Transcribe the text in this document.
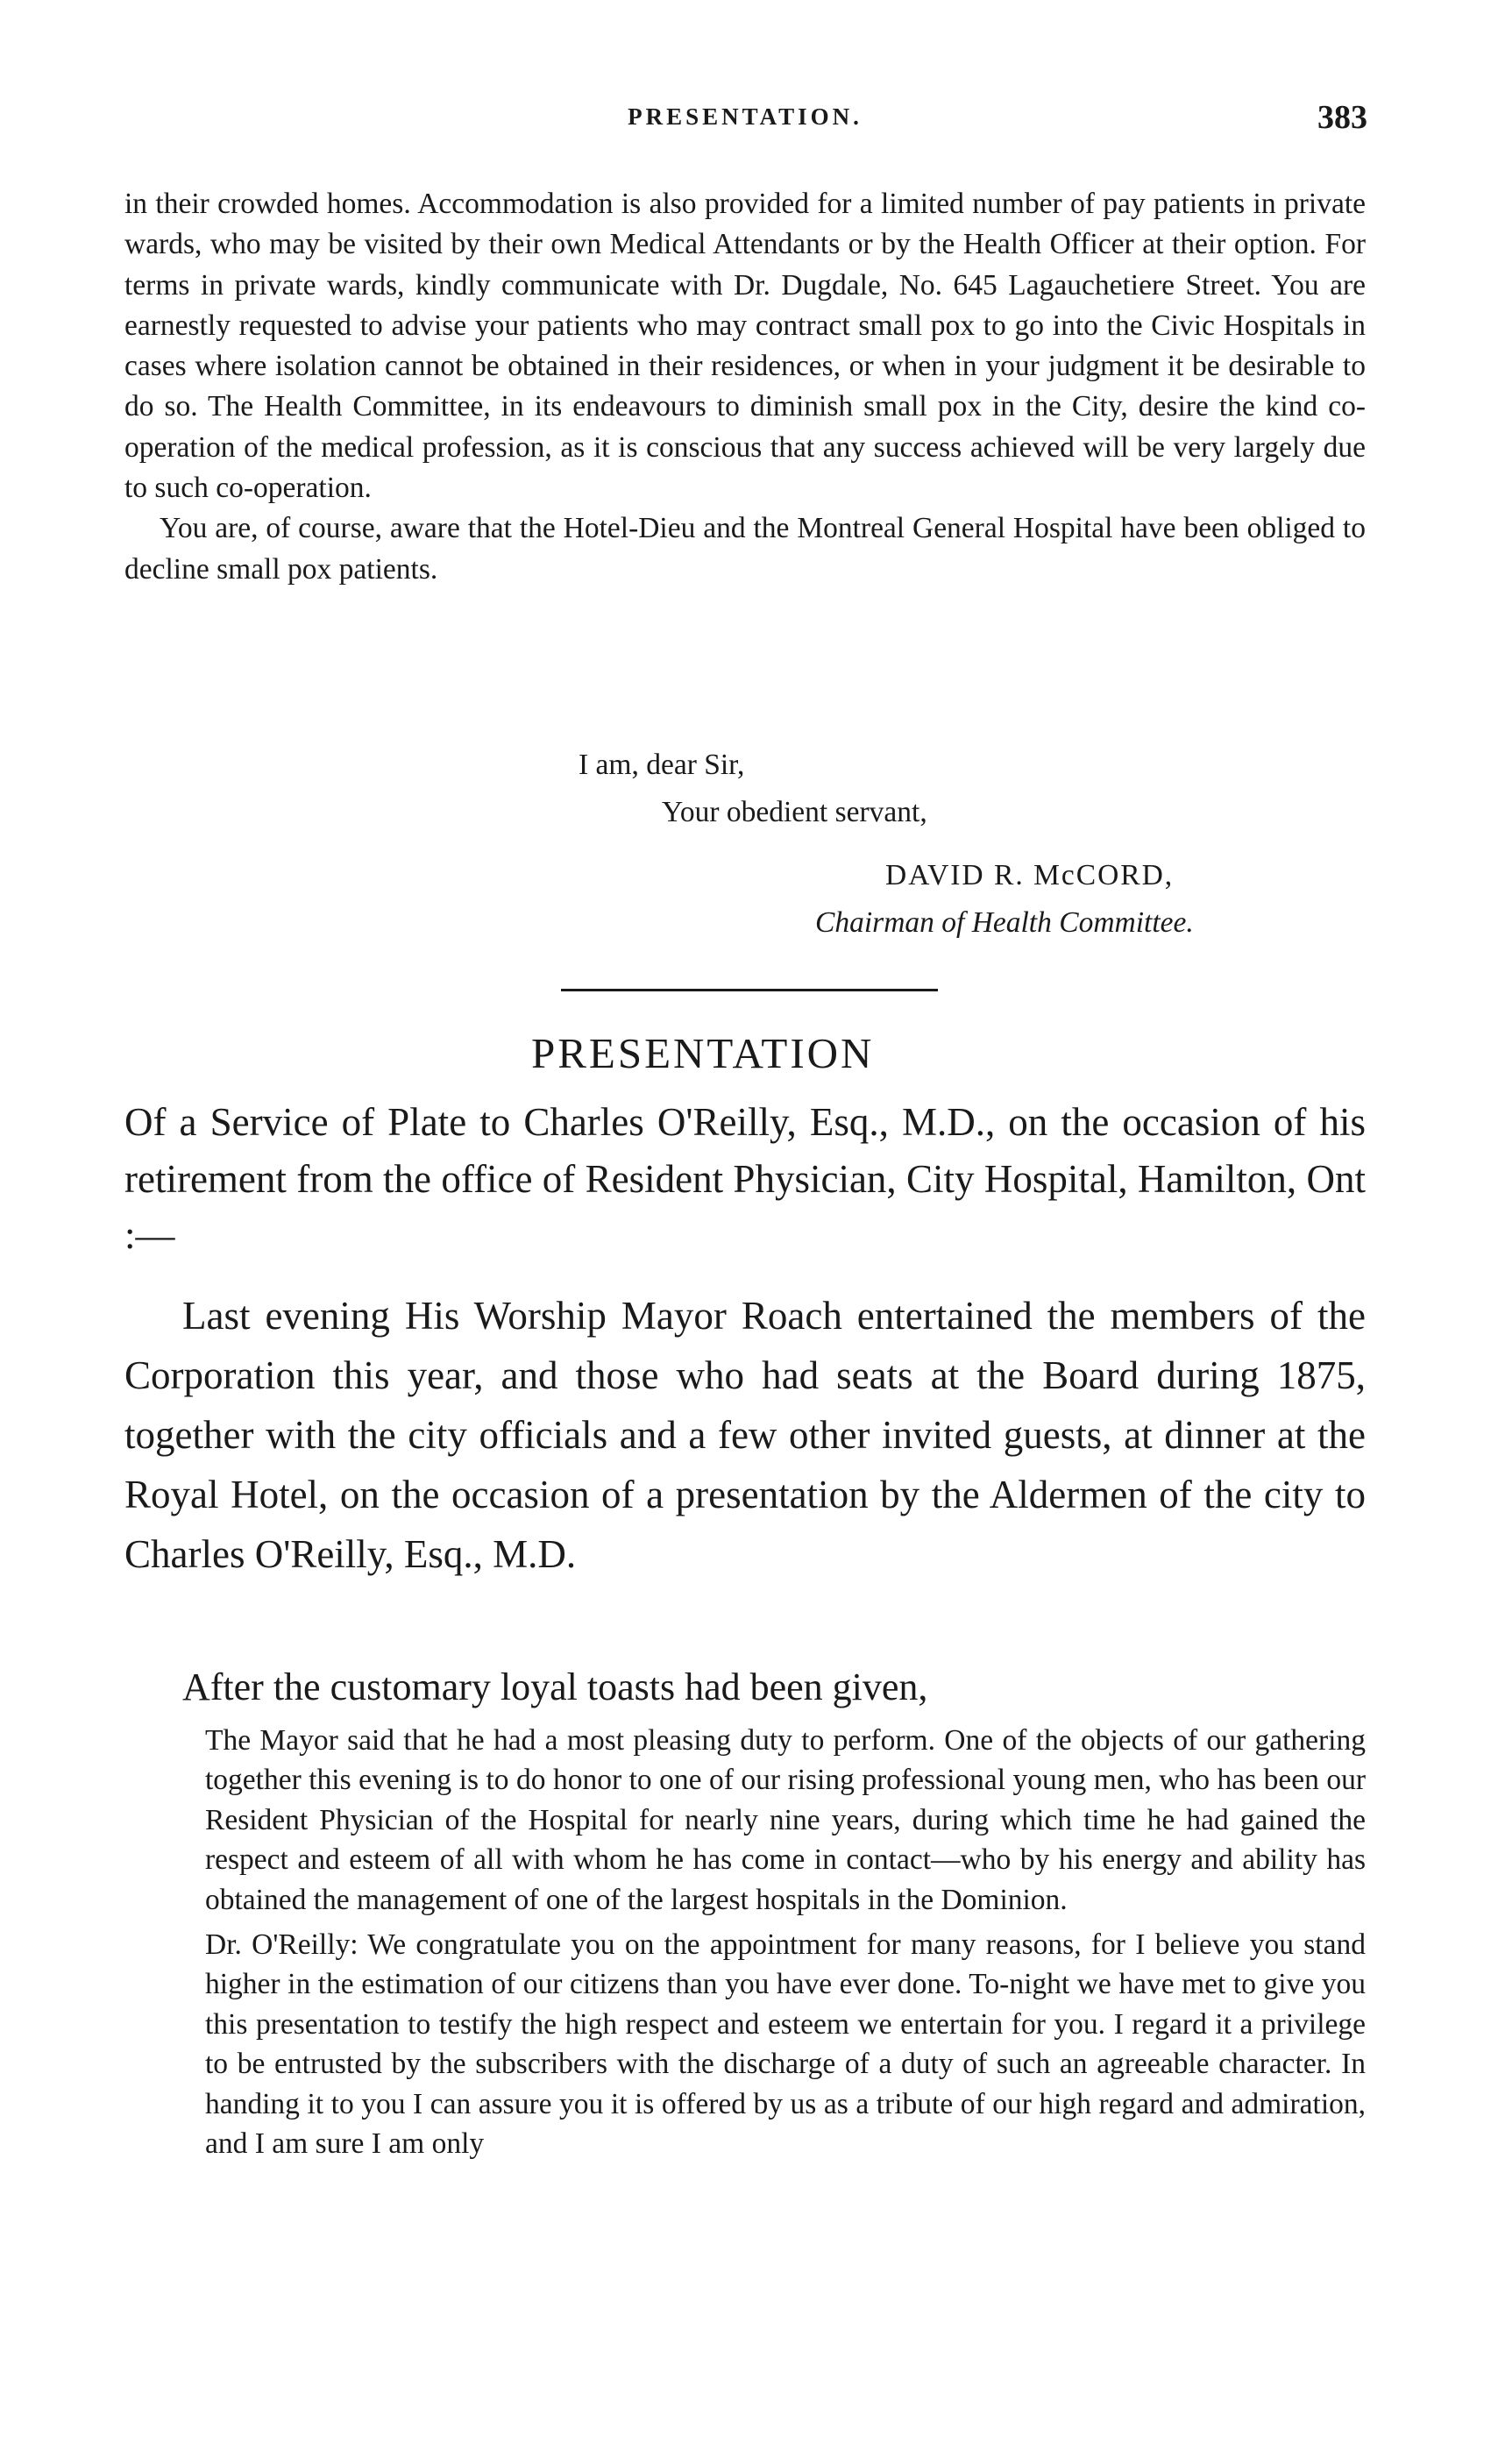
PRESENTATION.	383

in their crowded homes. Accommodation is also provided for a limited number of pay patients in private wards, who may be visited by their own Medical Attendants or by the Health Officer at their option. For terms in private wards, kindly communicate with Dr. Dugdale, No. 645 Lagauchetiere Street. You are earnestly requested to advise your patients who may contract small pox to go into the Civic Hospitals in cases where isolation cannot be obtained in their residences, or when in your judgment it be desirable to do so. The Health Committee, in its endeavours to diminish small pox in the City, desire the kind co-operation of the medical profession, as it is conscious that any success achieved will be very largely due to such co-operation.

You are, of course, aware that the Hotel-Dieu and the Montreal General Hospital have been obliged to decline small pox patients.

I am, dear Sir,
Your obedient servant,
DAVID R. McCORD,
Chairman of Health Committee.
PRESENTATION

Of a Service of Plate to Charles O'Reilly, Esq., M.D., on the occasion of his retirement from the office of Resident Physician, City Hospital, Hamilton, Ont :—

Last evening His Worship Mayor Roach entertained the members of the Corporation this year, and those who had seats at the Board during 1875, together with the city officials and a few other invited guests, at dinner at the Royal Hotel, on the occasion of a presentation by the Aldermen of the city to Charles O'Reilly, Esq., M.D.

After the customary loyal toasts had been given,

The Mayor said that he had a most pleasing duty to perform. One of the objects of our gathering together this evening is to do honor to one of our rising professional young men, who has been our Resident Physician of the Hospital for nearly nine years, during which time he had gained the respect and esteem of all with whom he has come in contact—who by his energy and ability has obtained the management of one of the largest hospitals in the Dominion.

Dr. O'Reilly: We congratulate you on the appointment for many reasons, for I believe you stand higher in the estimation of our citizens than you have ever done. To-night we have met to give you this presentation to testify the high respect and esteem we entertain for you. I regard it a privilege to be entrusted by the subscribers with the discharge of a duty of such an agreeable character. In handing it to you I can assure you it is offered by us as a tribute of our high regard and admiration, and I am sure I am only
